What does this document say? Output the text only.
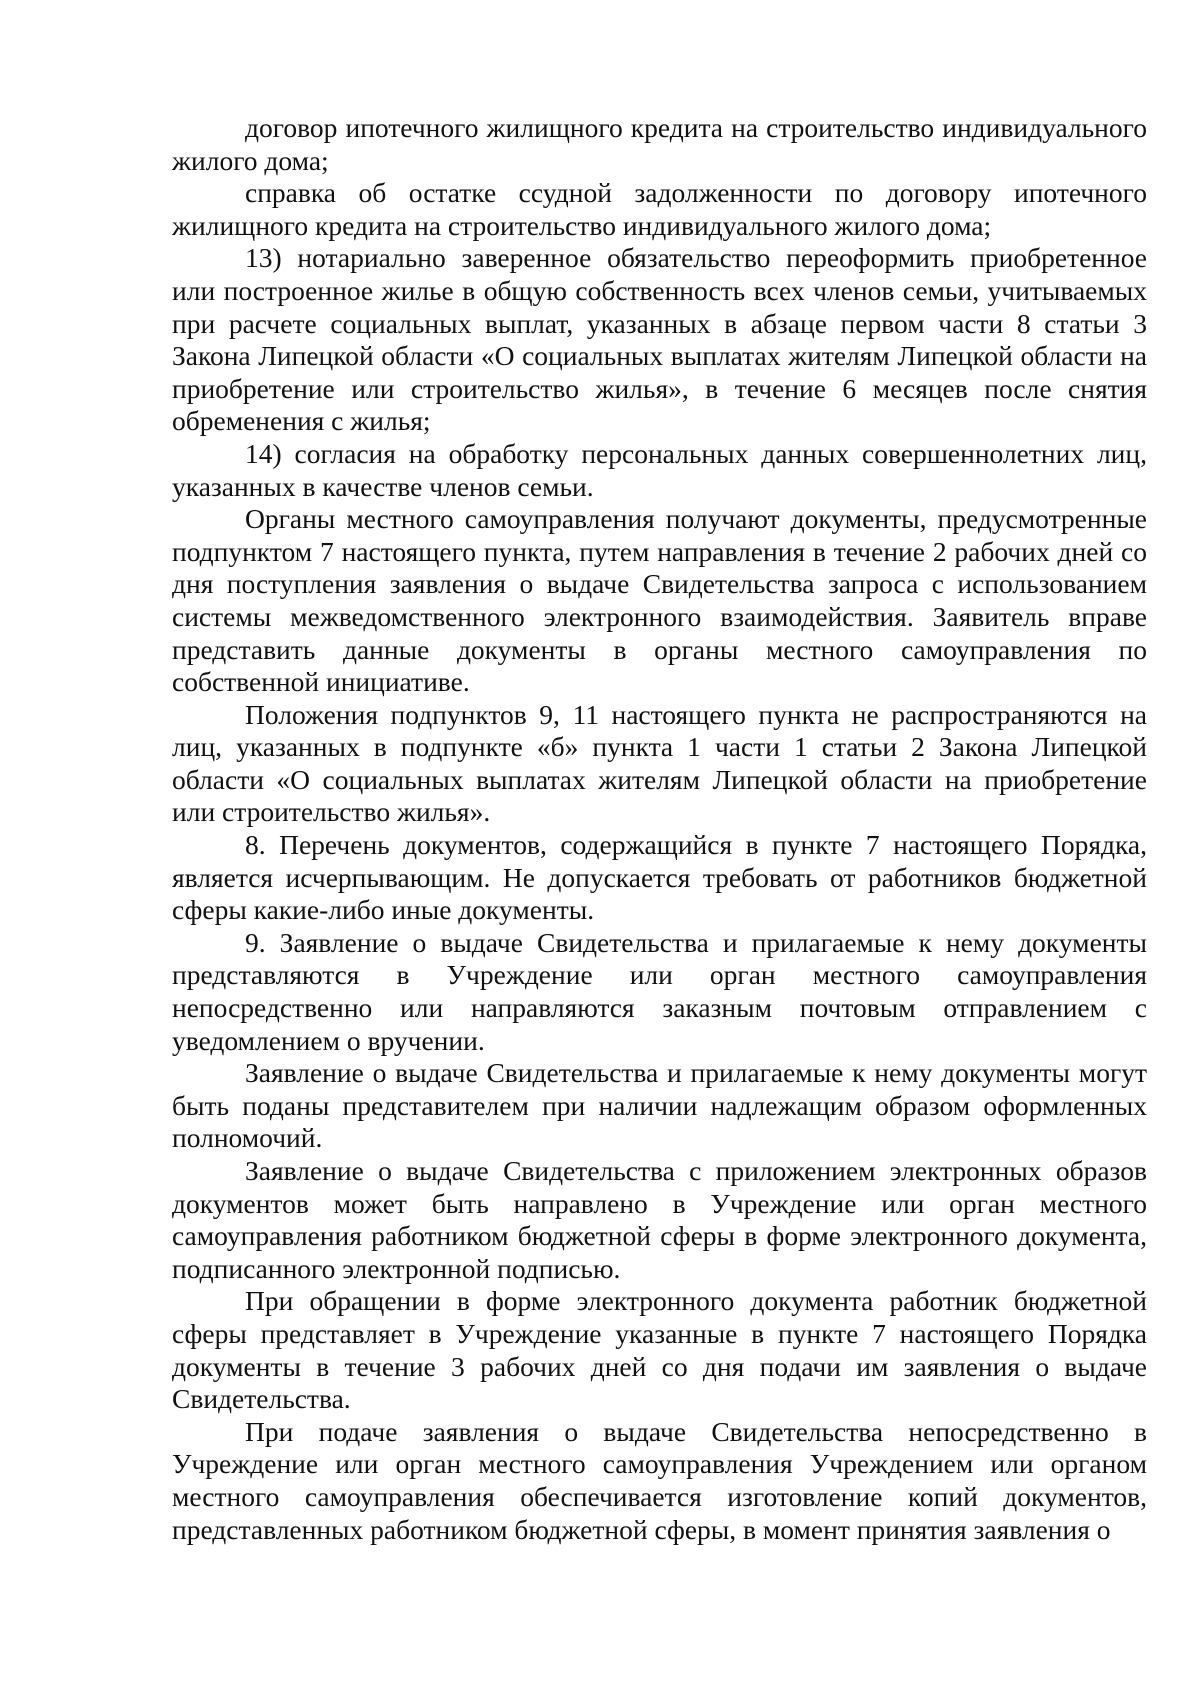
договор ипотечного жилищного кредита на строительство индивидуального жилого дома;

справка об остатке ссудной задолженности по договору ипотечного жилищного кредита на строительство индивидуального жилого дома;

13) нотариально заверенное обязательство переоформить приобретенное или построенное жилье в общую собственность всех членов семьи, учитываемых при расчете социальных выплат, указанных в абзаце первом части 8 статьи 3 Закона Липецкой области «О социальных выплатах жителям Липецкой области на приобретение или строительство жилья», в течение 6 месяцев после снятия обременения с жилья;

14) согласия на обработку персональных данных совершеннолетних лиц, указанных в качестве членов семьи.

Органы местного самоуправления получают документы, предусмотренные подпунктом 7 настоящего пункта, путем направления в течение 2 рабочих дней со дня поступления заявления о выдаче Свидетельства запроса с использованием системы межведомственного электронного взаимодействия. Заявитель вправе представить данные документы в органы местного самоуправления по собственной инициативе.

Положения подпунктов 9, 11 настоящего пункта не распространяются на лиц, указанных в подпункте «б» пункта 1 части 1 статьи 2 Закона Липецкой области «О социальных выплатах жителям Липецкой области на приобретение или строительство жилья».

8. Перечень документов, содержащийся в пункте 7 настоящего Порядка, является исчерпывающим. Не допускается требовать от работников бюджетной сферы какие-либо иные документы.

9. Заявление о выдаче Свидетельства и прилагаемые к нему документы представляются в Учреждение или орган местного самоуправления непосредственно или направляются заказным почтовым отправлением с уведомлением о вручении.

Заявление о выдаче Свидетельства и прилагаемые к нему документы могут быть поданы представителем при наличии надлежащим образом оформленных полномочий.

Заявление о выдаче Свидетельства с приложением электронных образов документов может быть направлено в Учреждение или орган местного самоуправления работником бюджетной сферы в форме электронного документа, подписанного электронной подписью.

При обращении в форме электронного документа работник бюджетной сферы представляет в Учреждение указанные в пункте 7 настоящего Порядка документы в течение 3 рабочих дней со дня подачи им заявления о выдаче Свидетельства.

При подаче заявления о выдаче Свидетельства непосредственно в Учреждение или орган местного самоуправления Учреждением или органом местного самоуправления обеспечивается изготовление копий документов, представленных работником бюджетной сферы, в момент принятия заявления о
